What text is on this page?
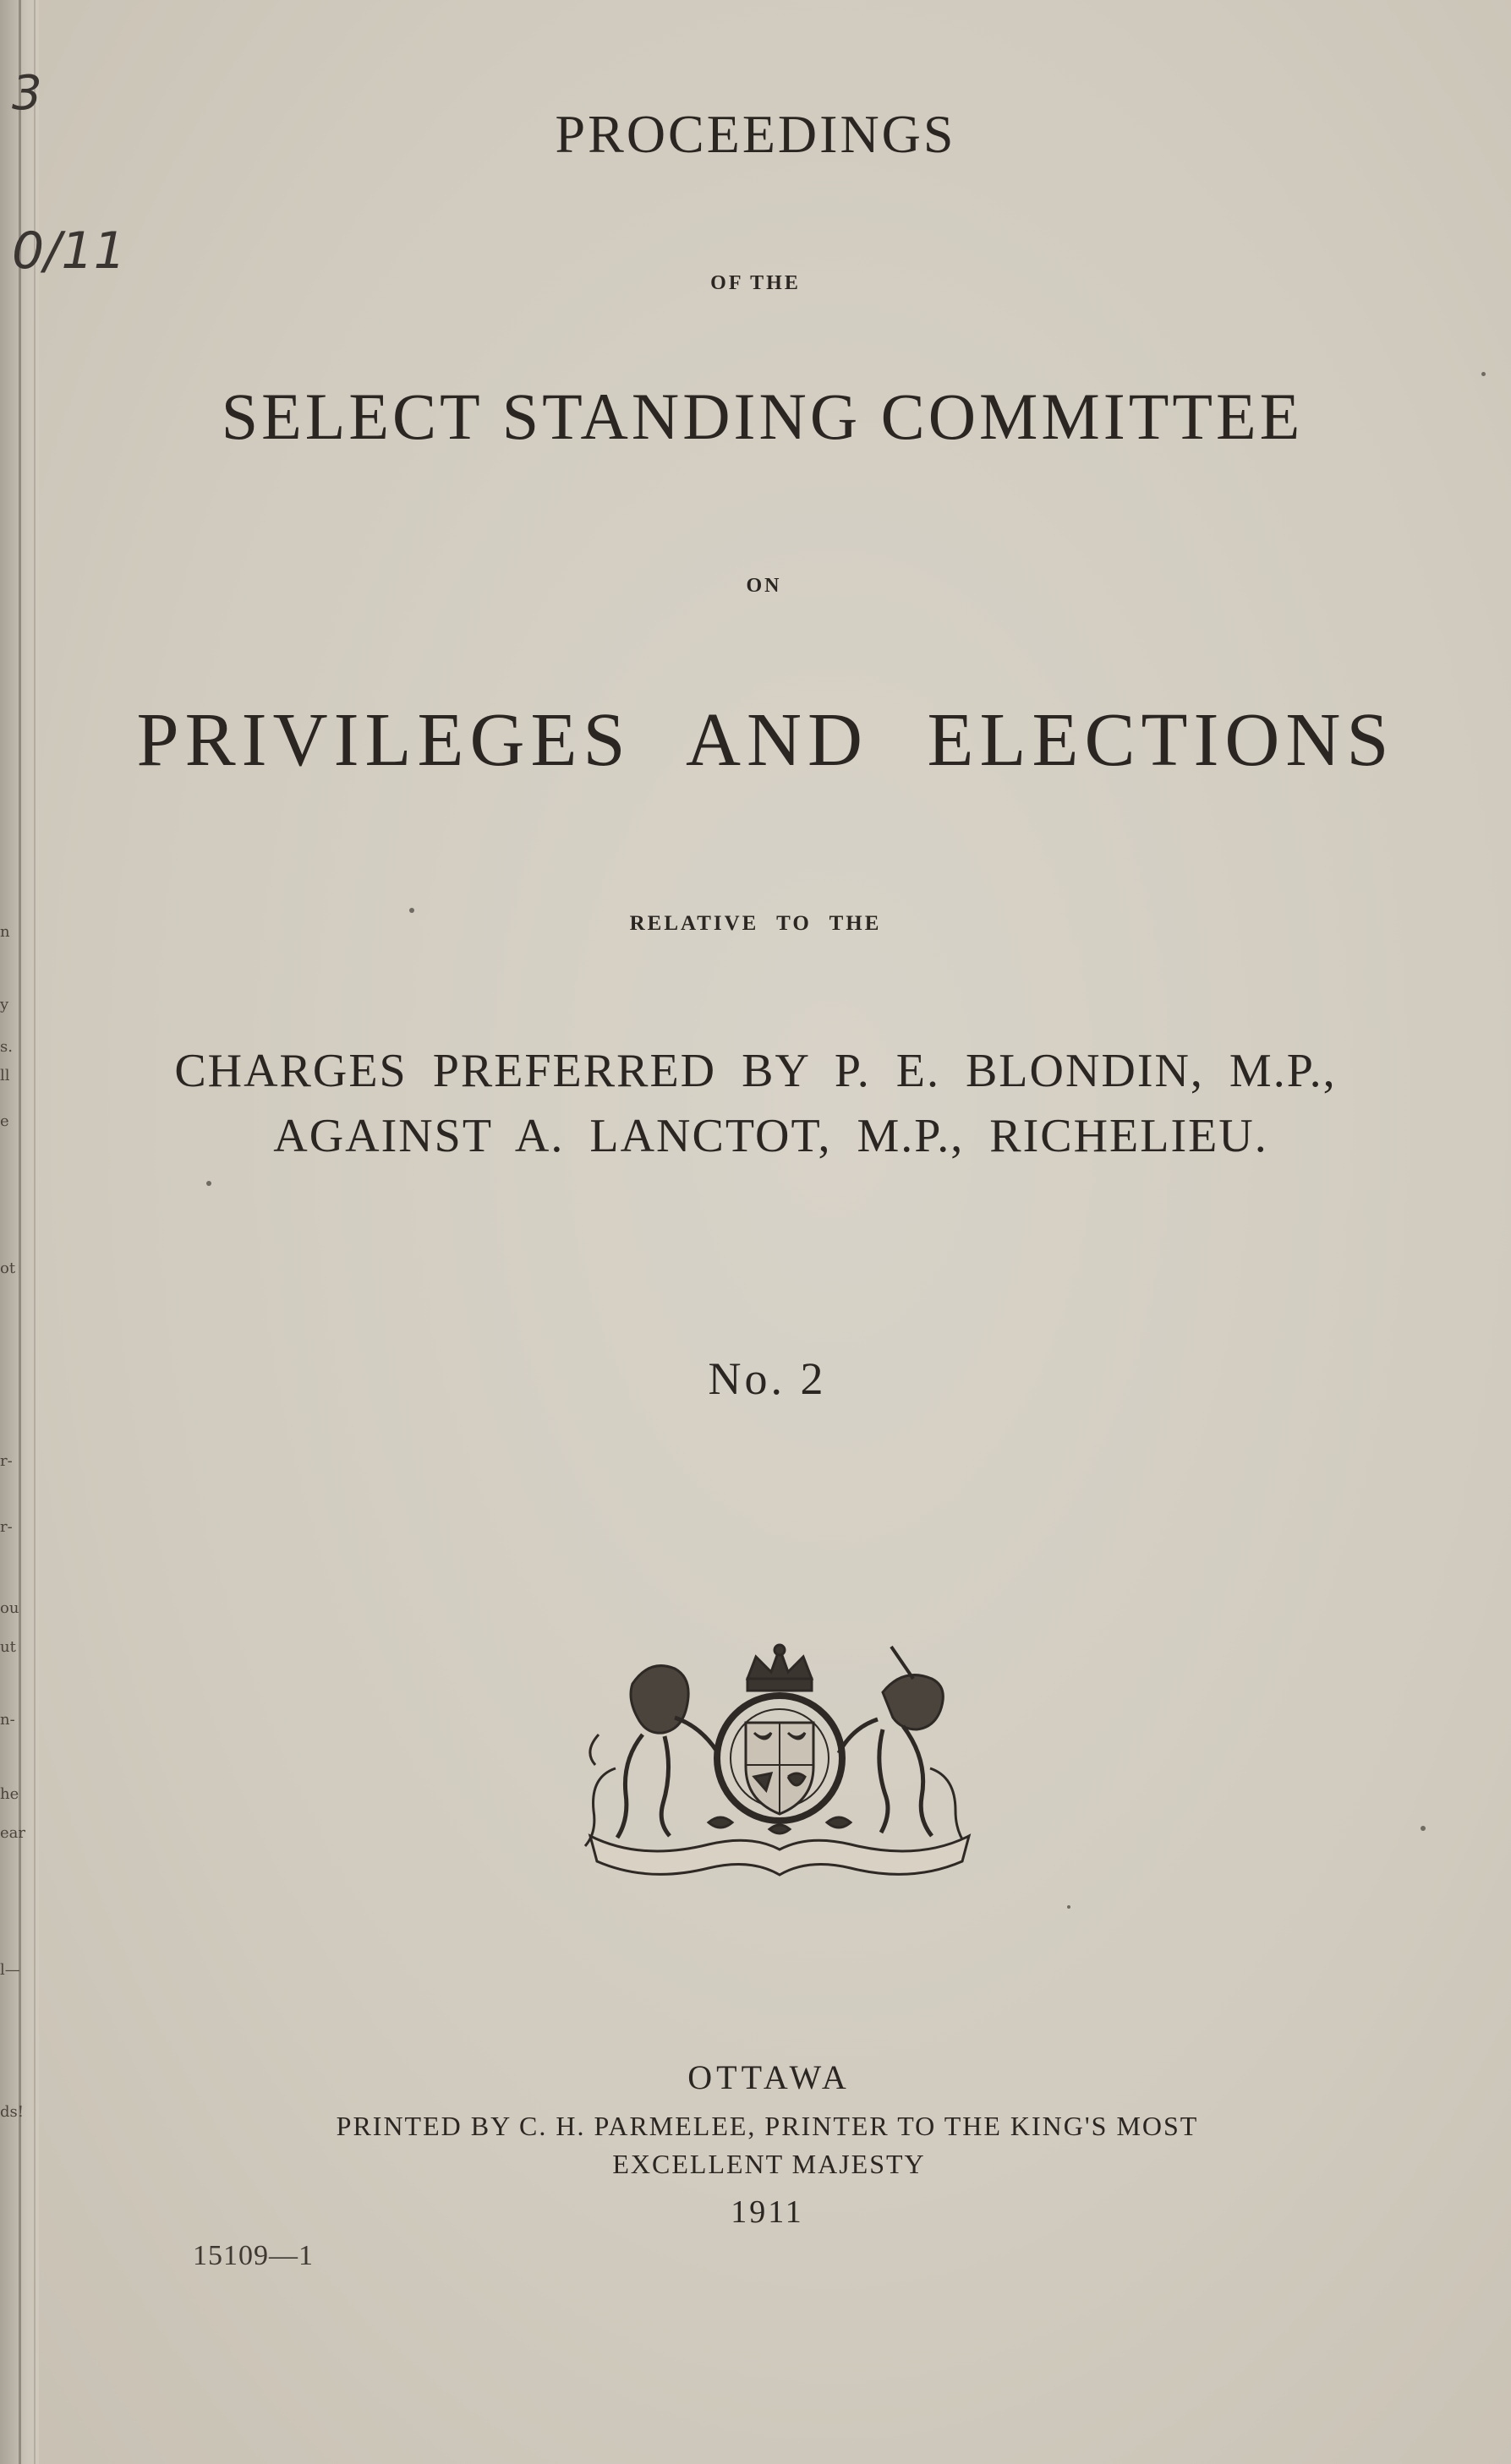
3
0/11
n
y
s.
ll
e
ot
r-
r-
ou
ut
n-
he
ear
l—
ds!
PROCEEDINGS
OF THE
SELECT STANDING COMMITTEE
ON
PRIVILEGES AND ELECTIONS
RELATIVE TO THE
CHARGES PREFERRED BY P. E. BLONDIN, M.P.,
AGAINST A. LANCTOT, M.P., RICHELIEU.
No. 2
OTTAWA
PRINTED BY C. H. PARMELEE, PRINTER TO THE KING'S MOST
EXCELLENT MAJESTY
1911
15109—1
